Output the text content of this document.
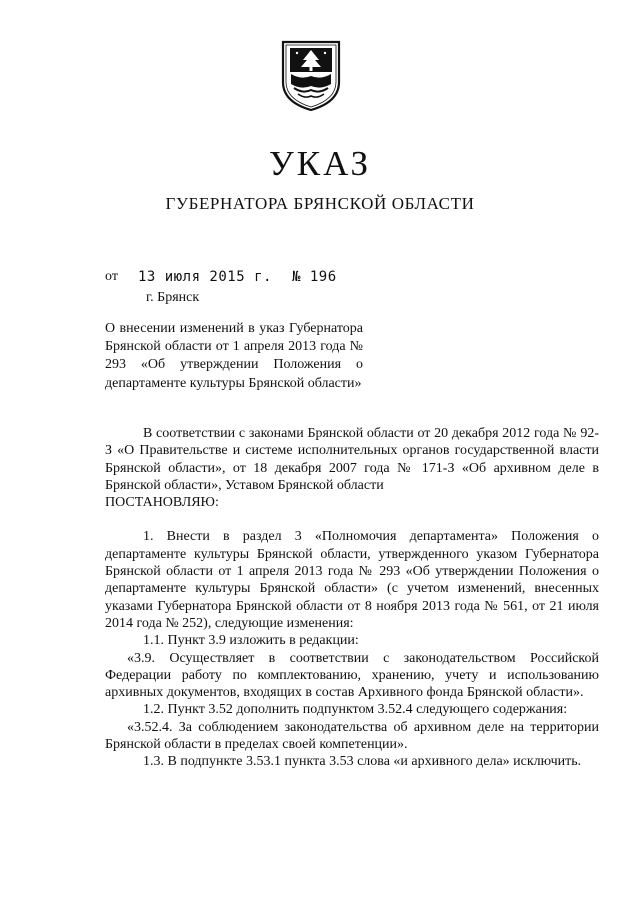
УКАЗ
ГУБЕРНАТОРА БРЯНСКОЙ ОБЛАСТИ
от 13 июля 2015 г. № 196
г. Брянск
О внесении изменений в указ Губернатора Брянской области от 1 апреля 2013 года № 293 «Об утверждении Положения о департаменте культуры Брянской области»

В соответствии с законами Брянской области от 20 декабря 2012 года № 92-З «О Правительстве и системе исполнительных органов государственной власти Брянской области», от 18 декабря 2007 года № 171-З «Об архивном деле в Брянской области», Уставом Брянской области

ПОСТАНОВЛЯЮ:

1. Внести в раздел 3 «Полномочия департамента» Положения о департаменте культуры Брянской области, утвержденного указом Губернатора Брянской области от 1 апреля 2013 года № 293 «Об утверждении Положения о департаменте культуры Брянской области» (с учетом изменений, внесенных указами Губернатора Брянской области от 8 ноября 2013 года № 561, от 21 июля 2014 года № 252), следующие изменения:

1.1. Пункт 3.9 изложить в редакции:

«3.9. Осуществляет в соответствии с законодательством Российской Федерации работу по комплектованию, хранению, учету и использованию архивных документов, входящих в состав Архивного фонда Брянской области».

1.2. Пункт 3.52 дополнить подпунктом 3.52.4 следующего содержания:

«3.52.4. За соблюдением законодательства об архивном деле на территории Брянской области в пределах своей компетенции».

1.3. В подпункте 3.53.1 пункта 3.53 слова «и архивного дела» исключить.
